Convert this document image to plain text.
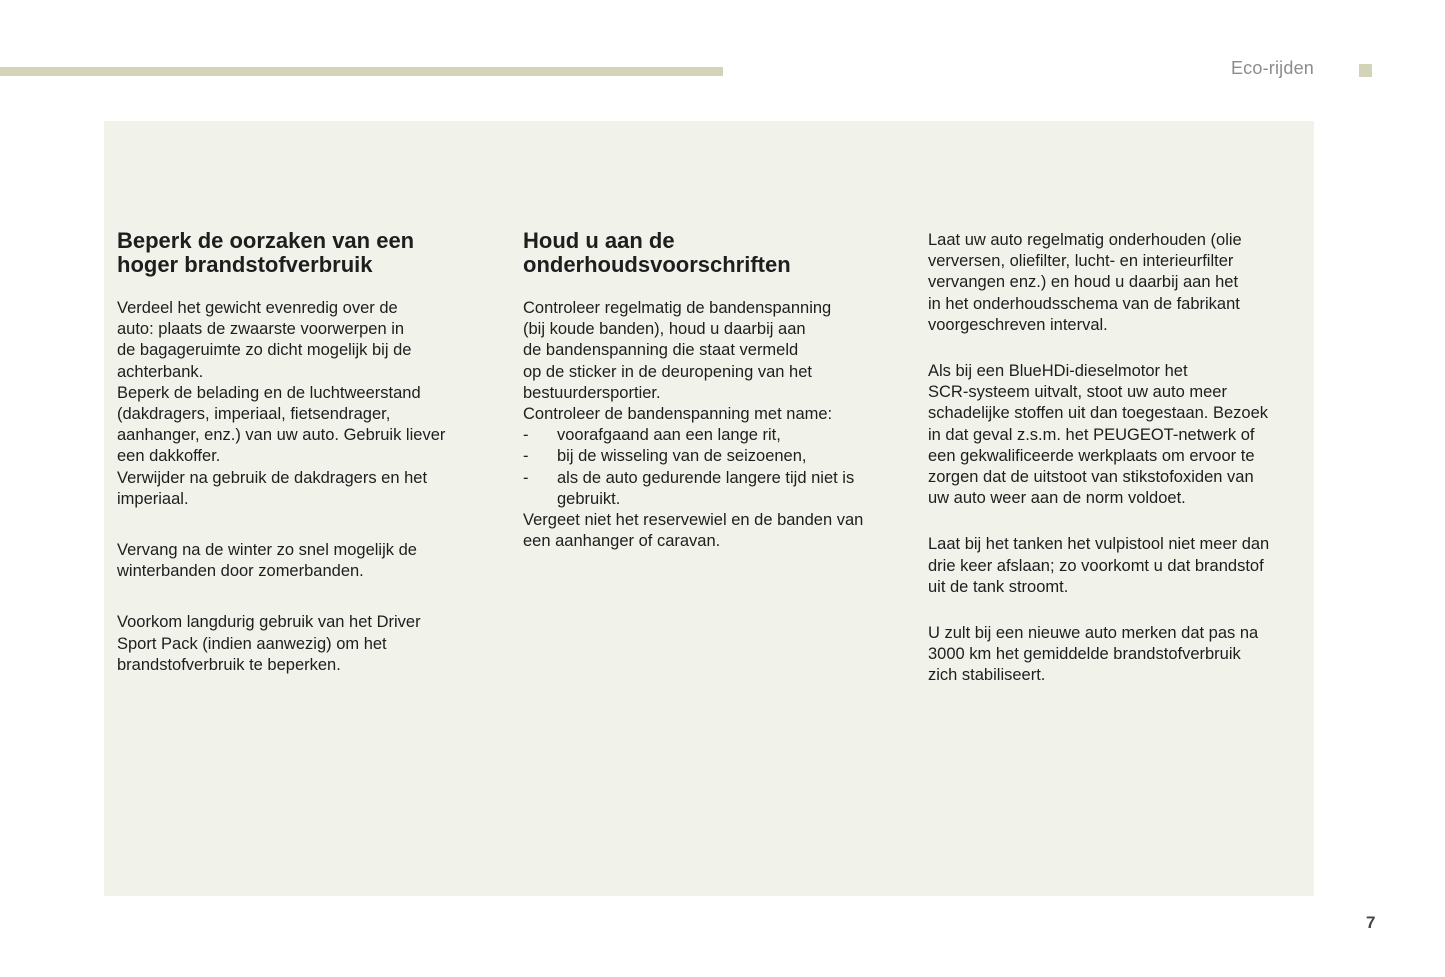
Eco-rijden
Beperk de oorzaken van een
hoger brandstofverbruik

Verdeel het gewicht evenredig over de
auto: plaats de zwaarste voorwerpen in
de bagageruimte zo dicht mogelijk bij de
achterbank.
Beperk de belading en de luchtweerstand
(dakdragers, imperiaal, fietsendrager,
aanhanger, enz.) van uw auto. Gebruik liever
een dakkoffer.
Verwijder na gebruik de dakdragers en het
imperiaal.

Vervang na de winter zo snel mogelijk de
winterbanden door zomerbanden.

Voorkom langdurig gebruik van het Driver
Sport Pack (indien aanwezig) om het
brandstofverbruik te beperken.

Houd u aan de
onderhoudsvoorschriften

Controleer regelmatig de bandenspanning
(bij koude banden), houd u daarbij aan
de bandenspanning die staat vermeld
op de sticker in de deuropening van het
bestuurdersportier.
Controleer de bandenspanning met name:

- voorafgaand aan een lange rit,
- bij de wisseling van de seizoenen,
- als de auto gedurende langere tijd niet is
gebruikt.

Vergeet niet het reservewiel en de banden van
een aanhanger of caravan.

Laat uw auto regelmatig onderhouden (olie
verversen, oliefilter, lucht- en interieurfilter
vervangen enz.) en houd u daarbij aan het
in het onderhoudsschema van de fabrikant
voorgeschreven interval.

Als bij een BlueHDi-dieselmotor het
SCR-systeem uitvalt, stoot uw auto meer
schadelijke stoffen uit dan toegestaan. Bezoek
in dat geval z.s.m. het PEUGEOT-netwerk of
een gekwalificeerde werkplaats om ervoor te
zorgen dat de uitstoot van stikstofoxiden van
uw auto weer aan de norm voldoet.

Laat bij het tanken het vulpistool niet meer dan
drie keer afslaan; zo voorkomt u dat brandstof
uit de tank stroomt.

U zult bij een nieuwe auto merken dat pas na
3000 km het gemiddelde brandstofverbruik
zich stabiliseert.

7
